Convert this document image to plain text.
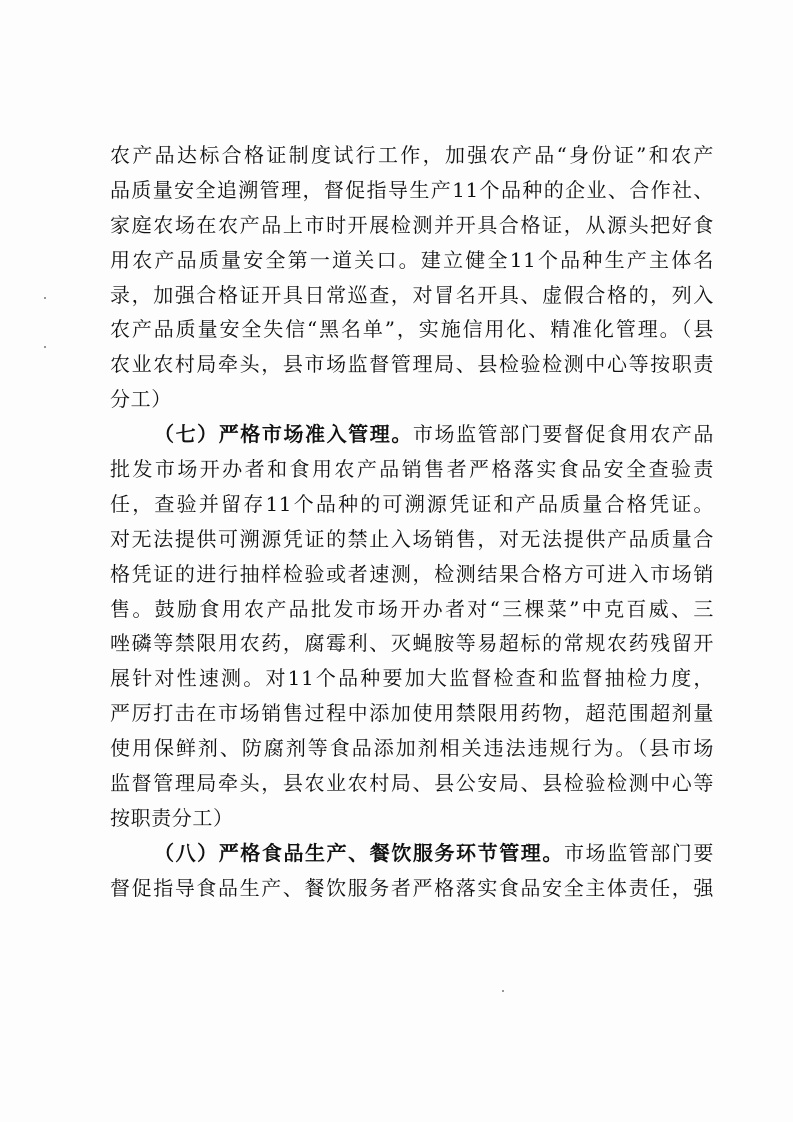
农产品达标合格证制度试行工作，加强农产品“身份证”和农产
品质量安全追溯管理，督促指导生产11个品种的企业、合作社、
家庭农场在农产品上市时开展检测并开具合格证，从源头把好食
用农产品质量安全第一道关口。建立健全11个品种生产主体名
录，加强合格证开具日常巡查，对冒名开具、虚假合格的，列入
农产品质量安全失信“黑名单”，实施信用化、精准化管理。（县
农业农村局牵头，县市场监督管理局、县检验检测中心等按职责
分工）
（七）严格市场准入管理。市场监管部门要督促食用农产品
批发市场开办者和食用农产品销售者严格落实食品安全查验责
任，查验并留存11个品种的可溯源凭证和产品质量合格凭证。
对无法提供可溯源凭证的禁止入场销售，对无法提供产品质量合
格凭证的进行抽样检验或者速测，检测结果合格方可进入市场销
售。鼓励食用农产品批发市场开办者对“三棵菜”中克百威、三
唑磷等禁限用农药，腐霉利、灭蝇胺等易超标的常规农药残留开
展针对性速测。对11个品种要加大监督检查和监督抽检力度，
严厉打击在市场销售过程中添加使用禁限用药物，超范围超剂量
使用保鲜剂、防腐剂等食品添加剂相关违法违规行为。（县市场
监督管理局牵头，县农业农村局、县公安局、县检验检测中心等
按职责分工）
（八）严格食品生产、餐饮服务环节管理。市场监管部门要
督促指导食品生产、餐饮服务者严格落实食品安全主体责任，强
